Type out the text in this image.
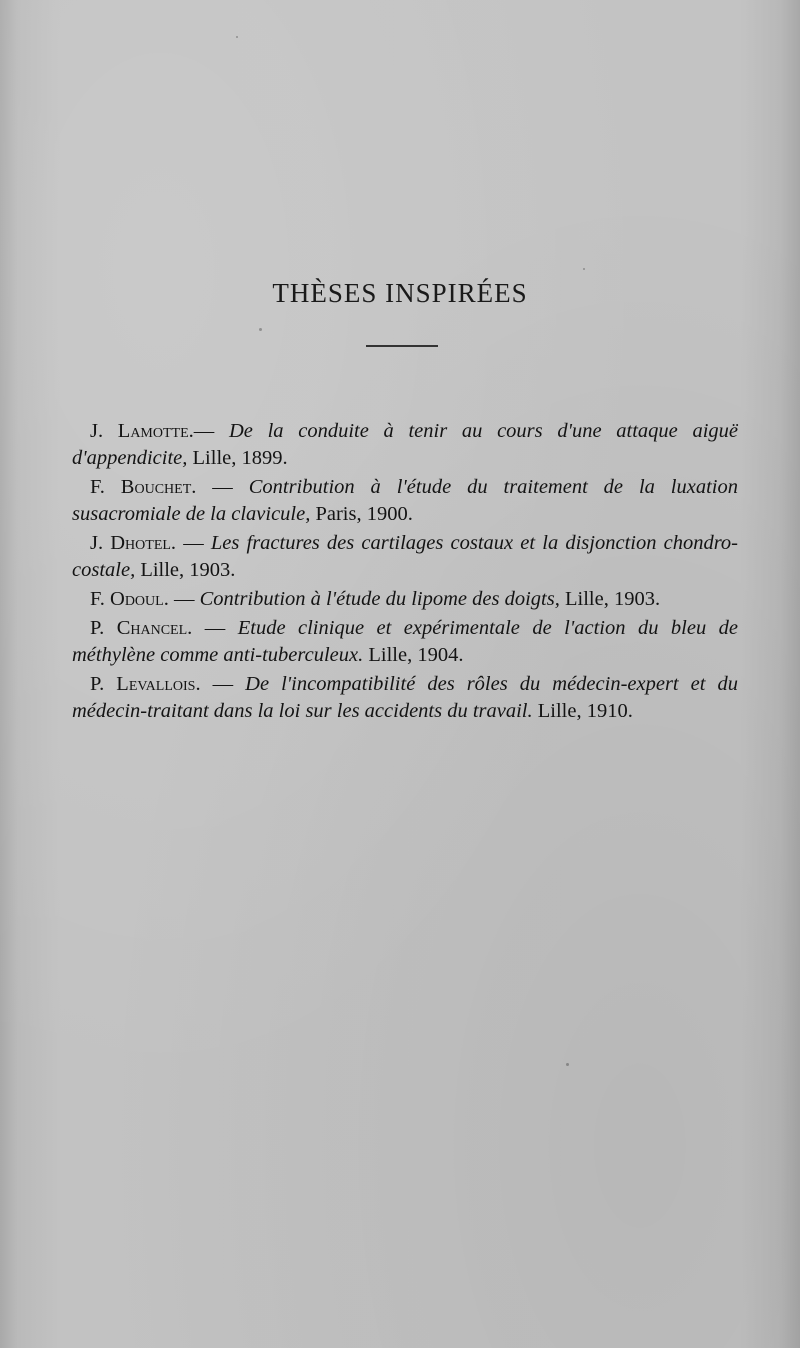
THÈSES INSPIRÉES

J. Lamotte.— De la conduite à tenir au cours d'une attaque aiguë d'appendicite, Lille, 1899.

F. Bouchet. — Contribution à l'étude du traitement de la luxation susacromiale de la clavicule, Paris, 1900.

J. Dhotel. — Les fractures des cartilages costaux et la disjonction chondro-costale, Lille, 1903.

F. Odoul. — Contribution à l'étude du lipome des doigts, Lille, 1903.

P. Chancel. — Etude clinique et expérimentale de l'action du bleu de méthylène comme anti-tuberculeux. Lille, 1904.

P. Levallois. — De l'incompatibilité des rôles du médecin-expert et du médecin-traitant dans la loi sur les accidents du travail. Lille, 1910.
